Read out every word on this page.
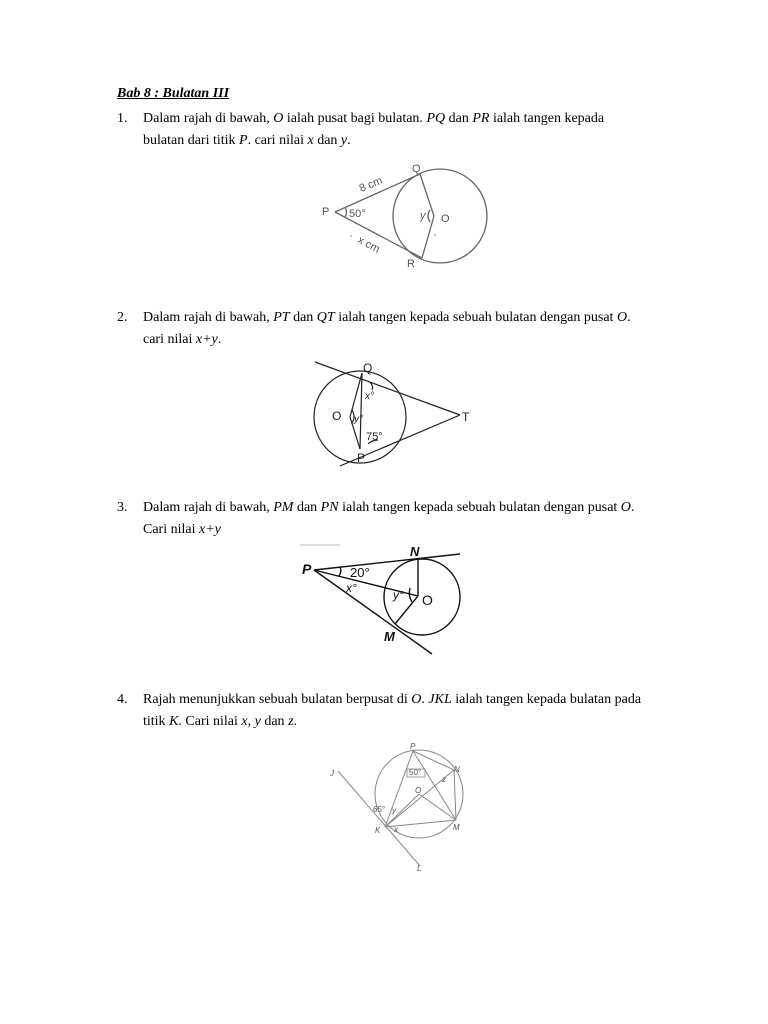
Bab 8 : Bulatan III
1. Dalam rajah di bawah, O ialah pusat bagi bulatan. PQ dan PR ialah tangen kepada
bulatan dari titik P. cari nilai x dan y.
P
Q
R
O
y
50°
8 cm
x cm
2. Dalam rajah di bawah, PT dan QT ialah tangen kepada sebuah bulatan dengan pusat O.
cari nilai x+y.
Q
P
T
O
x°
y°
75°
3. Dalam rajah di bawah, PM dan PN ialah tangen kepada sebuah bulatan dengan pusat O.
Cari nilai x+y
P
N
M
O
20°
x°	y°
4. Rajah menunjukkan sebuah bulatan berpusat di O. JKL ialah tangen kepada bulatan pada
titik K. Cari nilai x, y dan z.
P
N
M
O
K
J
L
50°
65° y
x
z
